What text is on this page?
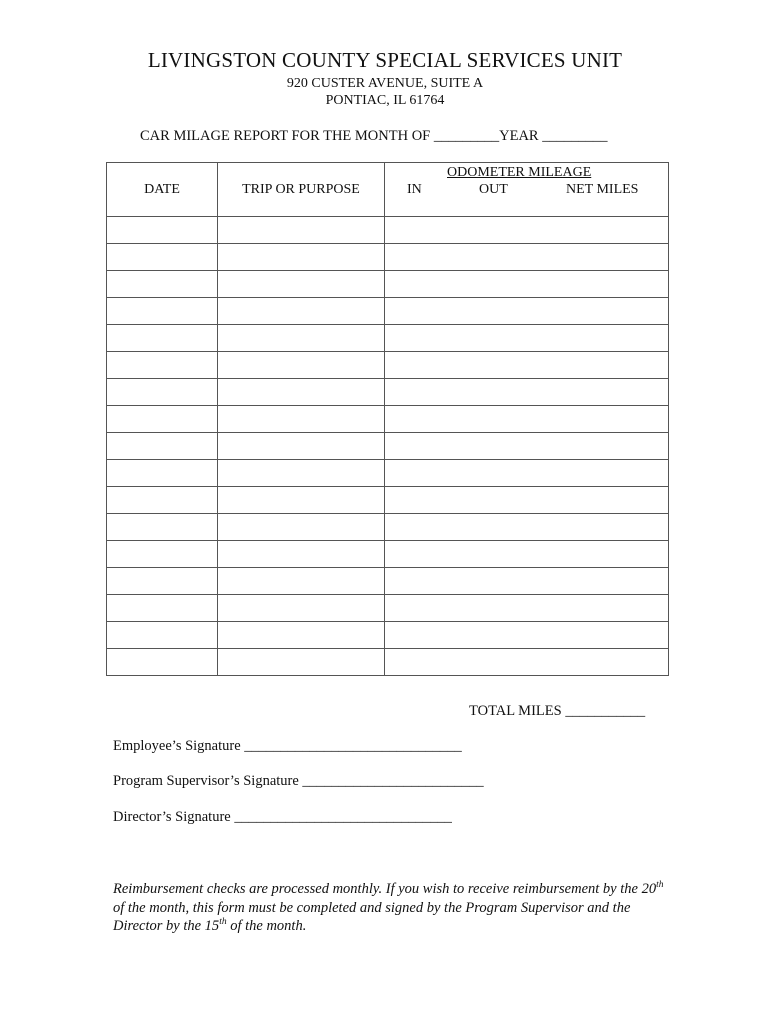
LIVINGSTON COUNTY SPECIAL SERVICES UNIT
920 CUSTER AVENUE, SUITE A
PONTIAC, IL 61764
CAR MILAGE REPORT FOR THE MONTH OF _________YEAR _________
DATE	TRIP OR PURPOSE	ODOMETER MILEAGE
IN OUT NET MILES

TOTAL MILES ___________
Employee’s Signature ______________________________
Program Supervisor’s Signature _________________________
Director’s Signature ______________________________
Reimbursement checks are processed monthly. If you wish to receive reimbursement by the 20th of the month, this form must be completed and signed by the Program Supervisor and the Director by the 15th of the month.
